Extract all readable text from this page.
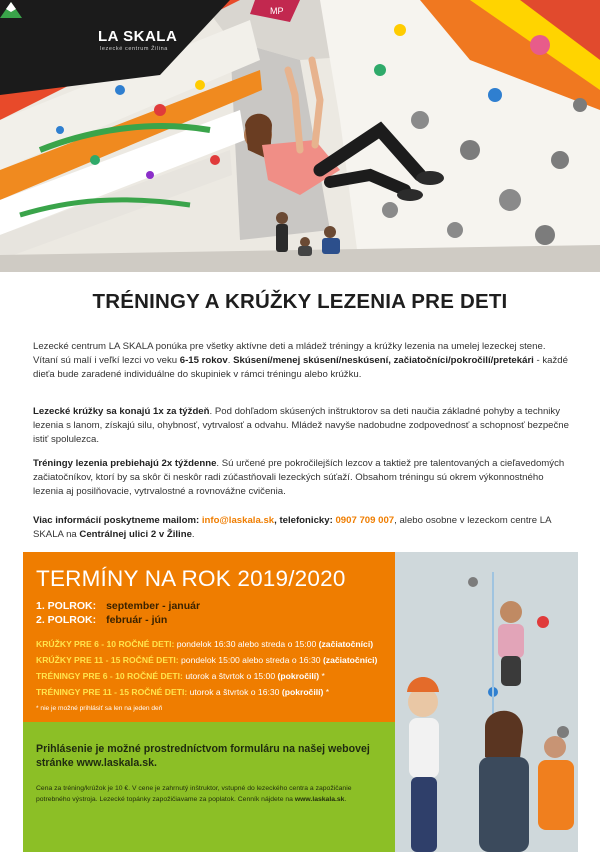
MP
LA SKALA
lezecké centrum Žilina
TRÉNINGY A KRÚŽKY LEZENIA PRE DETI

Lezecké centrum LA SKALA ponúka pre všetky aktívne deti a mládež tréningy a krúžky lezenia na umelej lezeckej stene. Vítaní sú malí i veľkí lezci vo veku 6-15 rokov. Skúsení/menej skúsení/neskúsení, začiatočníci/pokročilí/pretekári - každé dieťa bude zaradené individuálne do skupiniek v rámci tréningu alebo krúžku.

Lezecké krúžky sa konajú 1x za týždeň. Pod dohľadom skúsených inštruktorov sa deti naučia základné pohyby a techniky lezenia s lanom, získajú silu, ohybnosť, vytrvalosť a odvahu. Mládež navyše nadobudne zodpovednosť a schopnosť bezpečne istiť spolulezca.

Tréningy lezenia prebiehajú 2x týždenne. Sú určené pre pokročilejších lezcov a taktiež pre talentovaných a cieľavedomých začiatočníkov, ktorí by sa skôr či neskôr radi zúčastňovali lezeckých súťaží. Obsahom tréningu sú okrem výkonnostného lezenia aj posilňovacie, vytrvalostné a rovnovážne cvičenia.

Viac informácií poskytneme mailom: info@laskala.sk, telefonicky: 0907 709 007, alebo osobne v lezeckom centre LA SKALA na Centrálnej ulici 2 v Žiline.

TERMÍNY NA ROK 2019/2020
1. POLROK: september - január
2. POLROK: február - jún
KRÚŽKY PRE 6 - 10 ROČNÉ DETI: pondelok 16:30 alebo streda o 15:00 (začiatočníci)
KRÚŽKY PRE 11 - 15 ROČNÉ DETI: pondelok 15:00 alebo streda o 16:30 (začiatočníci)
TRÉNINGY PRE 6 - 10 ROČNÉ DETI: utorok a štvrtok o 15:00 (pokročilí) *
TRÉNINGY PRE 11 - 15 ROČNÉ DETI: utorok a štvrtok o 16:30 (pokročilí) *
* nie je možné prihlásiť sa len na jeden deň

Prihlásenie je možné prostredníctvom formuláru na našej webovej stránke www.laskala.sk.

Cena za tréning/krúžok je 10 €. V cene je zahrnutý inštruktor, vstupné do lezeckého centra a zapožičanie potrebného výstroja. Lezecké topánky zapožičiavame za poplatok. Cenník nájdete na www.laskala.sk.
